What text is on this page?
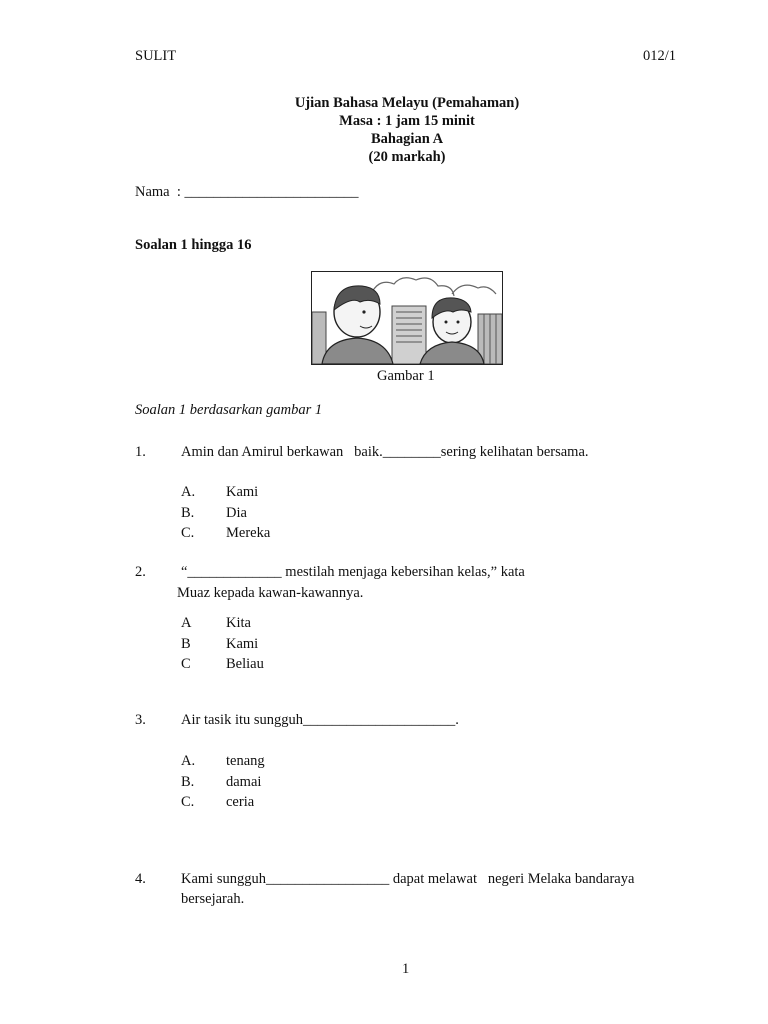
SULIT	012/1
Ujian Bahasa Melayu (Pemahaman)
Masa : 1 jam 15 minit
Bahagian A
(20 markah)
Nama  : ________________________
Soalan 1 hingga 16
Gambar 1
Soalan 1 berdasarkan gambar 1
1. Amin dan Amirul berkawan   baik.________sering kelihatan bersama.
A. Kami
B. Dia
C. Mereka
2. “_____________ mestilah menjaga kebersihan kelas,” kata
Muaz kepada kawan-kawannya.
A Kita
B Kami
C Beliau
3. Air tasik itu sungguh_____________________.
A. tenang
B. damai
C. ceria
4. Kami sungguh_________________ dapat melawat   negeri Melaka bandaraya
bersejarah.
1
